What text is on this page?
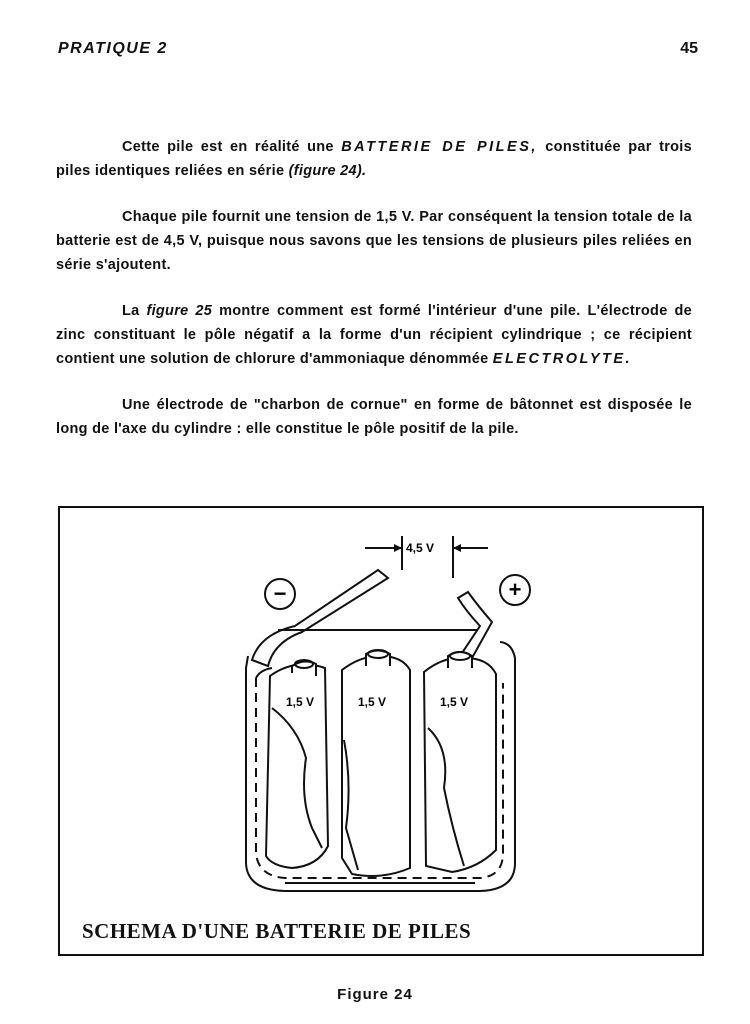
PRATIQUE 2	45

Cette pile est en réalité une BATTERIE DE PILES, constituée par trois piles identiques reliées en série (figure 24).

Chaque pile fournit une tension de 1,5 V. Par conséquent la tension totale de la batterie est de 4,5 V, puisque nous savons que les tensions de plusieurs piles reliées en série s'ajoutent.

La figure 25 montre comment est formé l'intérieur d'une pile. L'électrode de zinc constituant le pôle négatif a la forme d'un récipient cylindrique ; ce récipient contient une solution de chlorure d'ammoniaque dénommée ELECTROLYTE.

Une électrode de "charbon de cornue" en forme de bâtonnet est disposée le long de l'axe du cylindre : elle constitue le pôle positif de la pile.

4,5 V
−	+
1,5 V	1,5 V	1,5 V
SCHEMA D'UNE BATTERIE DE PILES
Figure 24
